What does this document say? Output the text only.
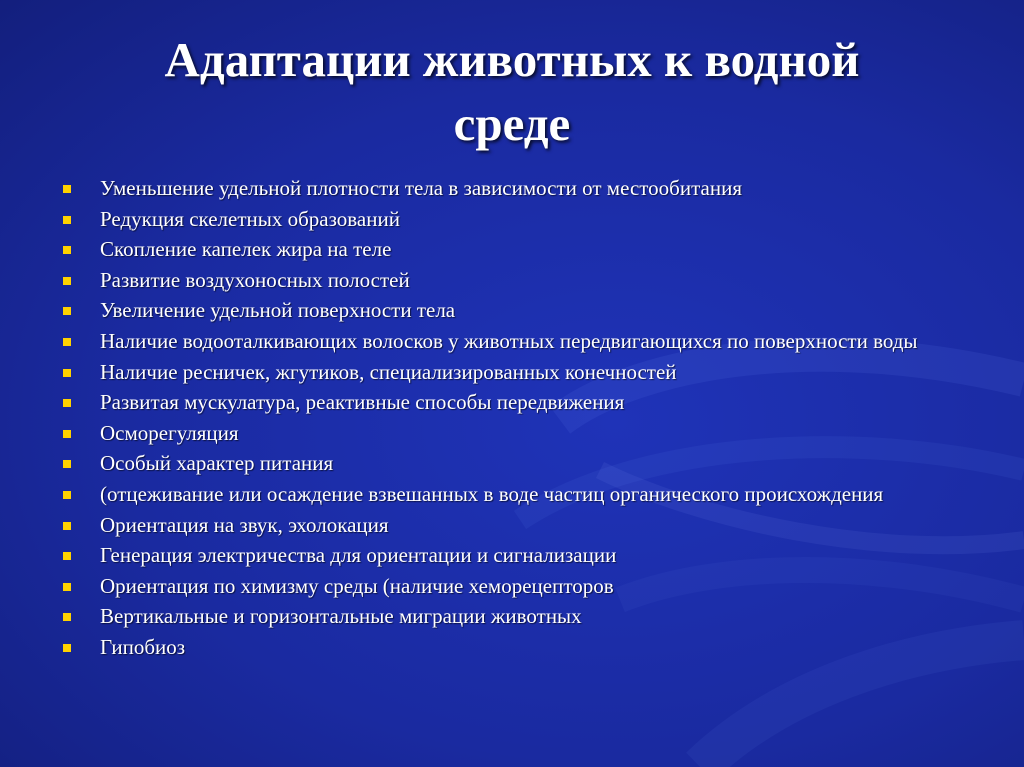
Адаптации животных к водной
среде
Уменьшение удельной плотности тела в зависимости от местообитания
Редукция скелетных образований
Скопление капелек жира на теле
Развитие воздухоносных полостей
Увеличение удельной поверхности тела
Наличие водооталкивающих волосков у животных передвигающихся по поверхности воды
Наличие ресничек, жгутиков, специализированных конечностей
Развитая мускулатура, реактивные способы передвижения
Осморегуляция
Особый характер питания
(отцеживание или осаждение взвешанных в воде частиц органического происхождения
Ориентация на звук, эхолокация
Генерация электричества для ориентации и сигнализации
Ориентация по химизму среды (наличие хеморецепторов
Вертикальные и горизонтальные миграции животных
Гипобиоз
